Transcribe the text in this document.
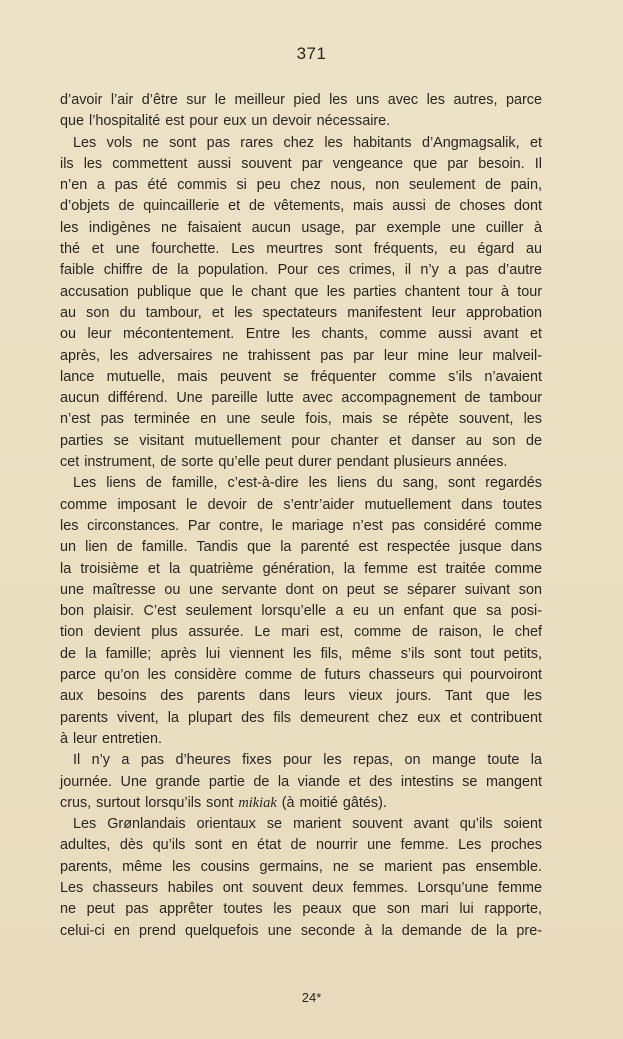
371
d’avoir l’air d’être sur le meilleur pied les uns avec les autres, parce
que l’hospitalité est pour eux un devoir nécessaire.
Les vols ne sont pas rares chez les habitants d’Angmagsalik, et
ils les commettent aussi souvent par vengeance que par besoin. Il
n’en a pas été commis si peu chez nous, non seulement de pain,
d’objets de quincaillerie et de vêtements, mais aussi de choses dont
les indigènes ne faisaient aucun usage, par exemple une cuiller à
thé et une fourchette. Les meurtres sont fréquents, eu égard au
faible chiffre de la population. Pour ces crimes, il n’y a pas d’autre
accusation publique que le chant que les parties chantent tour à tour
au son du tambour, et les spectateurs manifestent leur approbation
ou leur mécontentement. Entre les chants, comme aussi avant et
après, les adversaires ne trahissent pas par leur mine leur malveil-
lance mutuelle, mais peuvent se fréquenter comme s’ils n’avaient
aucun différend. Une pareille lutte avec accompagnement de tambour
n’est pas terminée en une seule fois, mais se répète souvent, les
parties se visitant mutuellement pour chanter et danser au son de
cet instrument, de sorte qu’elle peut durer pendant plusieurs années.
Les liens de famille, c’est-à-dire les liens du sang, sont regardés
comme imposant le devoir de s’entr’aider mutuellement dans toutes
les circonstances. Par contre, le mariage n’est pas considéré comme
un lien de famille. Tandis que la parenté est respectée jusque dans
la troisième et la quatrième génération, la femme est traitée comme
une maîtresse ou une servante dont on peut se séparer suivant son
bon plaisir. C’est seulement lorsqu’elle a eu un enfant que sa posi-
tion devient plus assurée. Le mari est, comme de raison, le chef
de la famille; après lui viennent les fils, même s’ils sont tout petits,
parce qu’on les considère comme de futurs chasseurs qui pourvoiront
aux besoins des parents dans leurs vieux jours. Tant que les
parents vivent, la plupart des fils demeurent chez eux et contribuent
à leur entretien.
Il n’y a pas d’heures fixes pour les repas, on mange toute la
journée. Une grande partie de la viande et des intestins se mangent
crus, surtout lorsqu’ils sont mikiak (à moitié gâtés).
Les Grønlandais orientaux se marient souvent avant qu’ils soient
adultes, dès qu’ils sont en état de nourrir une femme. Les proches
parents, même les cousins germains, ne se marient pas ensemble.
Les chasseurs habiles ont souvent deux femmes. Lorsqu’une femme
ne peut pas apprêter toutes les peaux que son mari lui rapporte,
celui-ci en prend quelquefois une seconde à la demande de la pre-
24*
